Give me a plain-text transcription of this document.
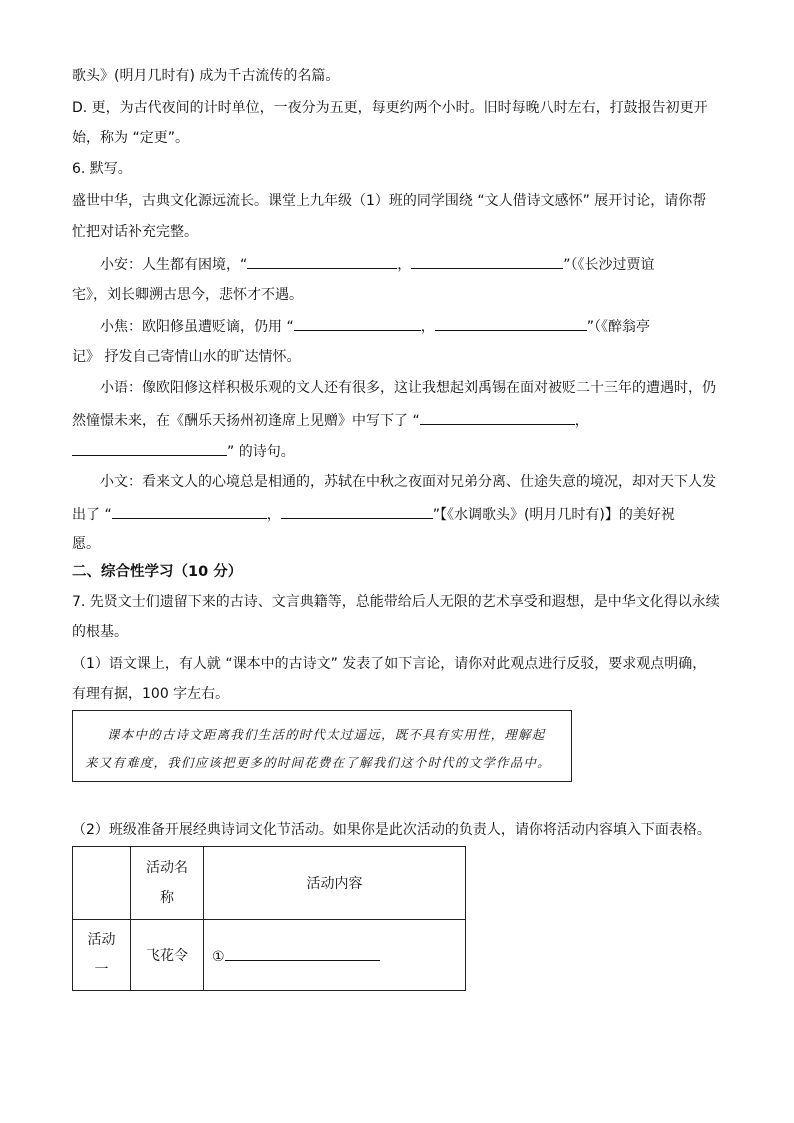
歌头》(明月几时有) 成为千古流传的名篇。
D. 更，为古代夜间的计时单位，一夜分为五更，每更约两个小时。旧时每晚八时左右，打鼓报告初更开
始，称为 “定更”。
6. 默写。
盛世中华，古典文化源远流长。课堂上九年级（1）班的同学围绕 “文人借诗文感怀” 展开讨论，请你帮
忙把对话补充完整。
小安：人生都有困境，“	，	”（《长沙过贾谊
宅》，刘长卿溯古思今，悲怀才不遇。
小焦：欧阳修虽遭贬谪，仍用 “	，	”（《醉翁亭
记》 抒发自己寄情山水的旷达情怀。
小语：像欧阳修这样积极乐观的文人还有很多，这让我想起刘禹锡在面对被贬二十三年的遭遇时，仍
然憧憬未来，在《酬乐天扬州初逢席上见赠》中写下了 “	，
” 的诗句。
小文：看来文人的心境总是相通的，苏轼在中秋之夜面对兄弟分离、仕途失意的境况，却对天下人发
出了 “	，	”【《水调歌头》(明月几时有)】的美好祝
愿。
二、综合性学习（10 分）
7. 先贤文士们遗留下来的古诗、文言典籍等，总能带给后人无限的艺术享受和遐想，是中华文化得以永续
的根基。
（1）语文课上，有人就 “课本中的古诗文” 发表了如下言论，请你对此观点进行反驳，要求观点明确，
有理有据，100 字左右。
课本中的古诗文距离我们生活的时代太过遥远，既不具有实用性，理解起
来又有难度，我们应该把更多的时间花费在了解我们这个时代的文学作品中。
（2）班级准备开展经典诗词文化节活动。如果你是此次活动的负责人，请你将活动内容填入下面表格。

	活动名
称	活动内容

活动
一	飞花令	①
